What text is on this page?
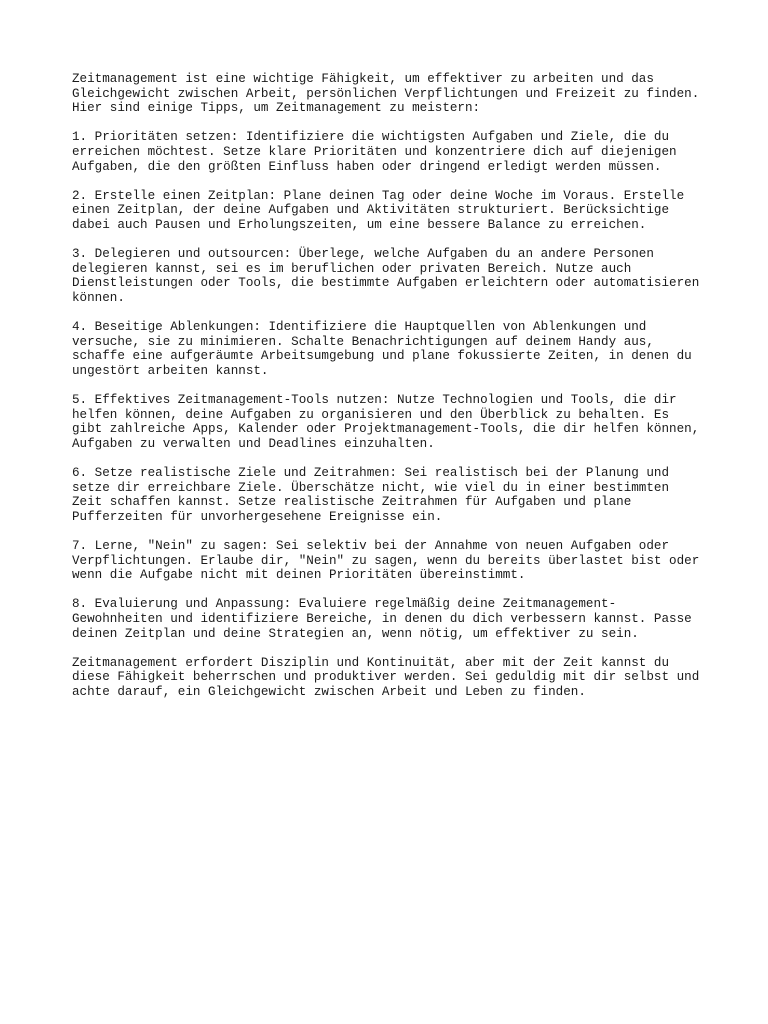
Zeitmanagement ist eine wichtige Fähigkeit, um effektiver zu arbeiten und das
Gleichgewicht zwischen Arbeit, persönlichen Verpflichtungen und Freizeit zu finden.
Hier sind einige Tipps, um Zeitmanagement zu meistern:

1. Prioritäten setzen: Identifiziere die wichtigsten Aufgaben und Ziele, die du
erreichen möchtest. Setze klare Prioritäten und konzentriere dich auf diejenigen
Aufgaben, die den größten Einfluss haben oder dringend erledigt werden müssen.

2. Erstelle einen Zeitplan: Plane deinen Tag oder deine Woche im Voraus. Erstelle
einen Zeitplan, der deine Aufgaben und Aktivitäten strukturiert. Berücksichtige
dabei auch Pausen und Erholungszeiten, um eine bessere Balance zu erreichen.

3. Delegieren und outsourcen: Überlege, welche Aufgaben du an andere Personen
delegieren kannst, sei es im beruflichen oder privaten Bereich. Nutze auch
Dienstleistungen oder Tools, die bestimmte Aufgaben erleichtern oder automatisieren
können.

4. Beseitige Ablenkungen: Identifiziere die Hauptquellen von Ablenkungen und
versuche, sie zu minimieren. Schalte Benachrichtigungen auf deinem Handy aus,
schaffe eine aufgeräumte Arbeitsumgebung und plane fokussierte Zeiten, in denen du
ungestört arbeiten kannst.

5. Effektives Zeitmanagement-Tools nutzen: Nutze Technologien und Tools, die dir
helfen können, deine Aufgaben zu organisieren und den Überblick zu behalten. Es
gibt zahlreiche Apps, Kalender oder Projektmanagement-Tools, die dir helfen können,
Aufgaben zu verwalten und Deadlines einzuhalten.

6. Setze realistische Ziele und Zeitrahmen: Sei realistisch bei der Planung und
setze dir erreichbare Ziele. Überschätze nicht, wie viel du in einer bestimmten
Zeit schaffen kannst. Setze realistische Zeitrahmen für Aufgaben und plane
Pufferzeiten für unvorhergesehene Ereignisse ein.

7. Lerne, "Nein" zu sagen: Sei selektiv bei der Annahme von neuen Aufgaben oder
Verpflichtungen. Erlaube dir, "Nein" zu sagen, wenn du bereits überlastet bist oder
wenn die Aufgabe nicht mit deinen Prioritäten übereinstimmt.

8. Evaluierung und Anpassung: Evaluiere regelmäßig deine Zeitmanagement-
Gewohnheiten und identifiziere Bereiche, in denen du dich verbessern kannst. Passe
deinen Zeitplan und deine Strategien an, wenn nötig, um effektiver zu sein.

Zeitmanagement erfordert Disziplin und Kontinuität, aber mit der Zeit kannst du
diese Fähigkeit beherrschen und produktiver werden. Sei geduldig mit dir selbst und
achte darauf, ein Gleichgewicht zwischen Arbeit und Leben zu finden.
